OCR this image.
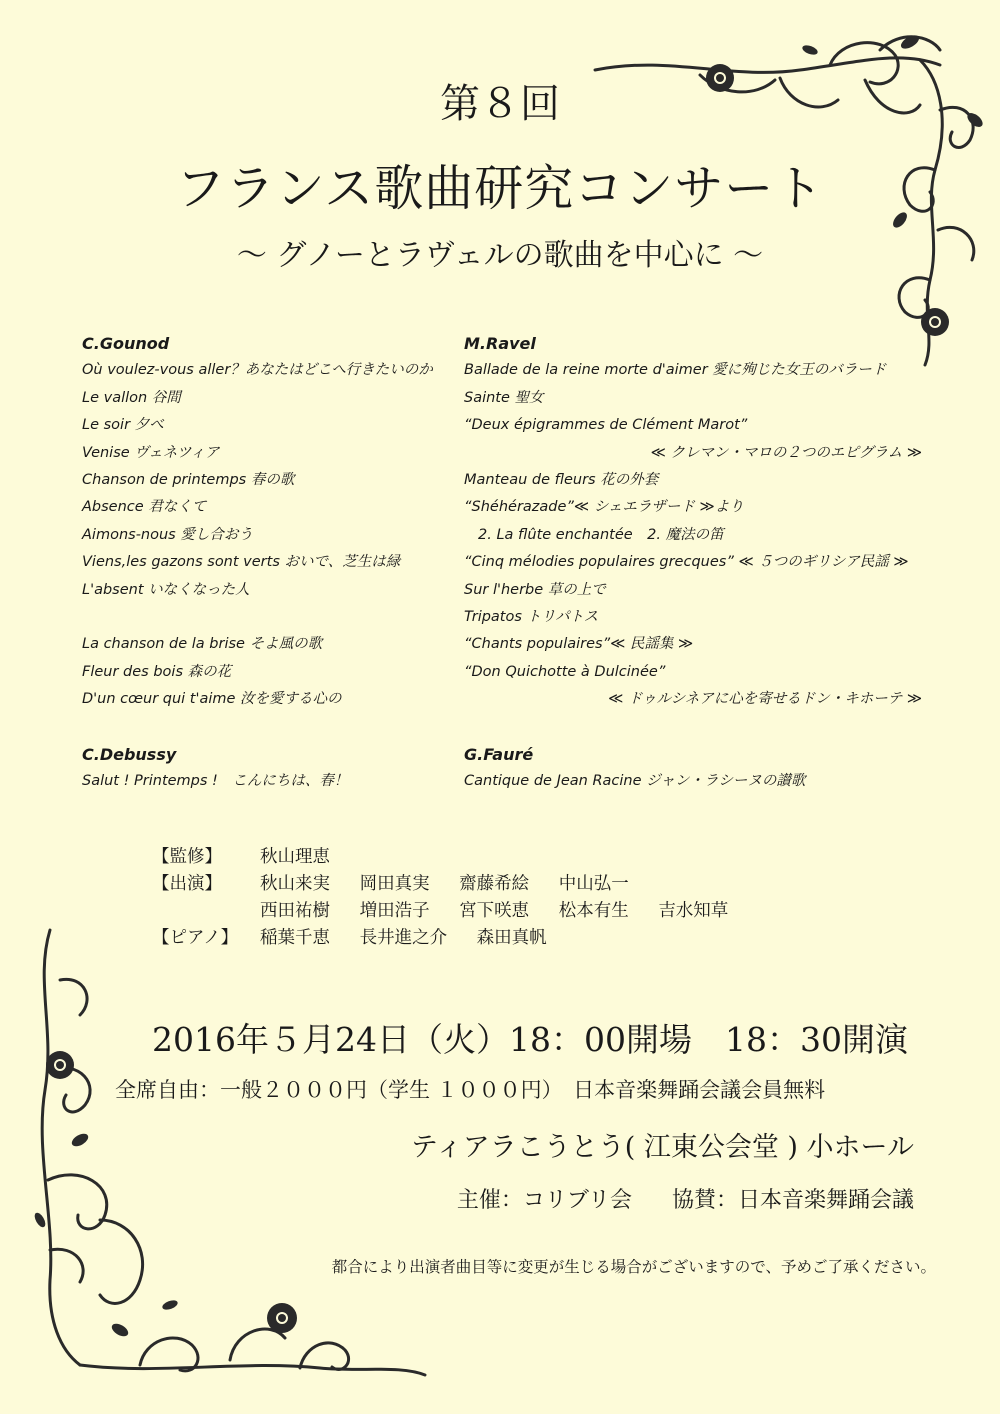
第８回
フランス歌曲研究コンサート
～ グノーとラヴェルの歌曲を中心に ～
C.Gounod
Où voulez-vous aller？あなたはどこへ行きたいのか
Le vallon 谷間
Le soir 夕べ
Venise ヴェネツィア
Chanson de printemps 春の歌
Absence 君なくて
Aimons-nous 愛し合おう
Viens,les gazons sont verts おいで、芝生は緑
L'absent いなくなった人
La chanson de la brise そよ風の歌
Fleur des bois 森の花
D'un cœur qui t'aime 汝を愛する心の
C.Debussy
Salut ! Printemps !　こんにちは、春！
M.Ravel
Ballade de la reine morte d'aimer 愛に殉じた女王のバラード
Sainte 聖女
“Deux épigrammes de Clément Marot”
≪ クレマン・マロの２つのエピグラム ≫
Manteau de fleurs 花の外套
“Shéhérazade”≪ シェエラザード ≫より
2. La flûte enchantée　2. 魔法の笛
“Cinq mélodies populaires grecques” ≪ ５つのギリシア民謡 ≫
Sur l'herbe 草の上で
Tripatos トリパトス
“Chants populaires”≪ 民謡集 ≫
“Don Quichotte à Dulcinée”
≪ ドゥルシネアに心を寄せるドン・キホーテ ≫
G.Fauré
Cantique de Jean Racine ジャン・ラシーヌの讃歌
【監修】	秋山理恵
【出演】	秋山来実 岡田真実 齋藤希絵 中山弘一
西田祐樹 増田浩子 宮下咲恵 松本有生 吉水知草
【ピアノ】	稲葉千恵 長井進之介 森田真帆
2016年５月24日（火）18：00開場　18：30開演
全席自由：一般２０００円（学生 １０００円）　日本音楽舞踊会議会員無料
ティアラこうとう( 江東公会堂 ) 小ホール
主催：コリブリ会 協賛：日本音楽舞踊会議
都合により出演者曲目等に変更が生じる場合がございますので、予めご了承ください。
